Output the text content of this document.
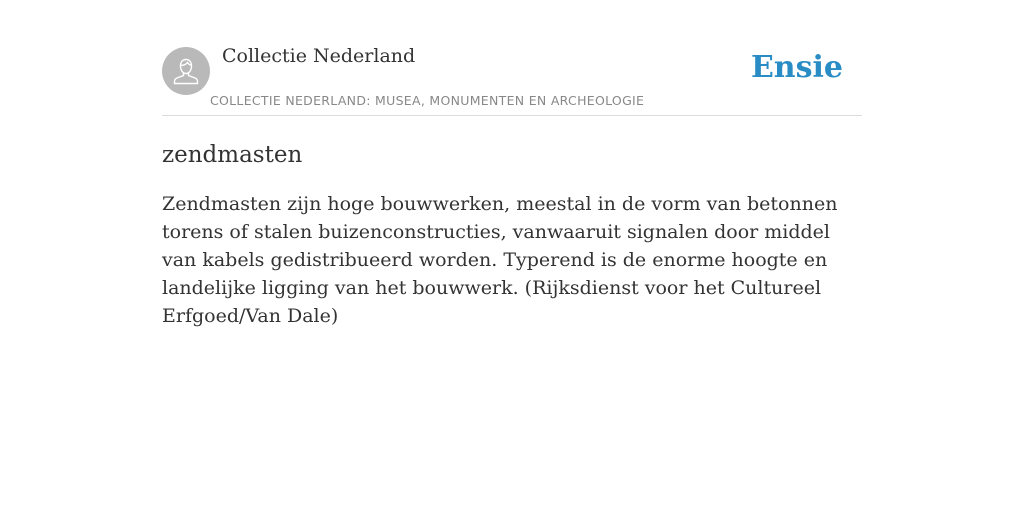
Collectie Nederland
COLLECTIE NEDERLAND: MUSEA, MONUMENTEN EN ARCHEOLOGIE
Ensie
zendmasten

Zendmasten zijn hoge bouwwerken, meestal in de vorm van betonnen torens of stalen buizenconstructies, vanwaaruit signalen door middel van kabels gedistribueerd worden. Typerend is de enorme hoogte en landelijke ligging van het bouwwerk. (Rijksdienst voor het Cultureel Erfgoed/Van Dale)
